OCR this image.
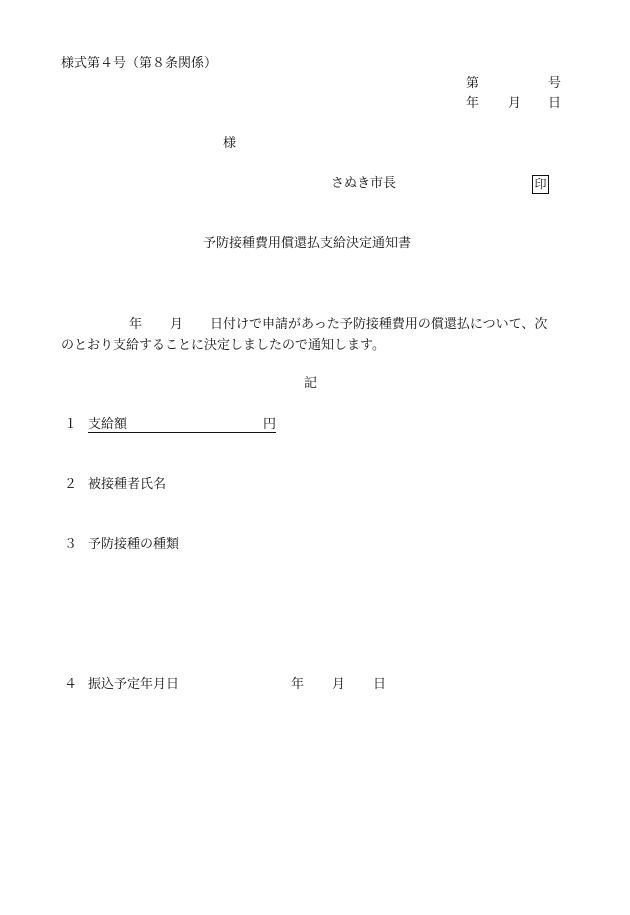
様式第４号（第８条関係）
第	号
年 月 日
様
さぬき市長	印
予防接種費用償還払支給決定通知書
年 月 日付けで申請があった予防接種費用の償還払について、次
のとおり支給することに決定しましたので通知します。
記
１ 支給額	円
２ 被接種者氏名
３ 予防接種の種類
４ 振込予定年月日	年 月 日
